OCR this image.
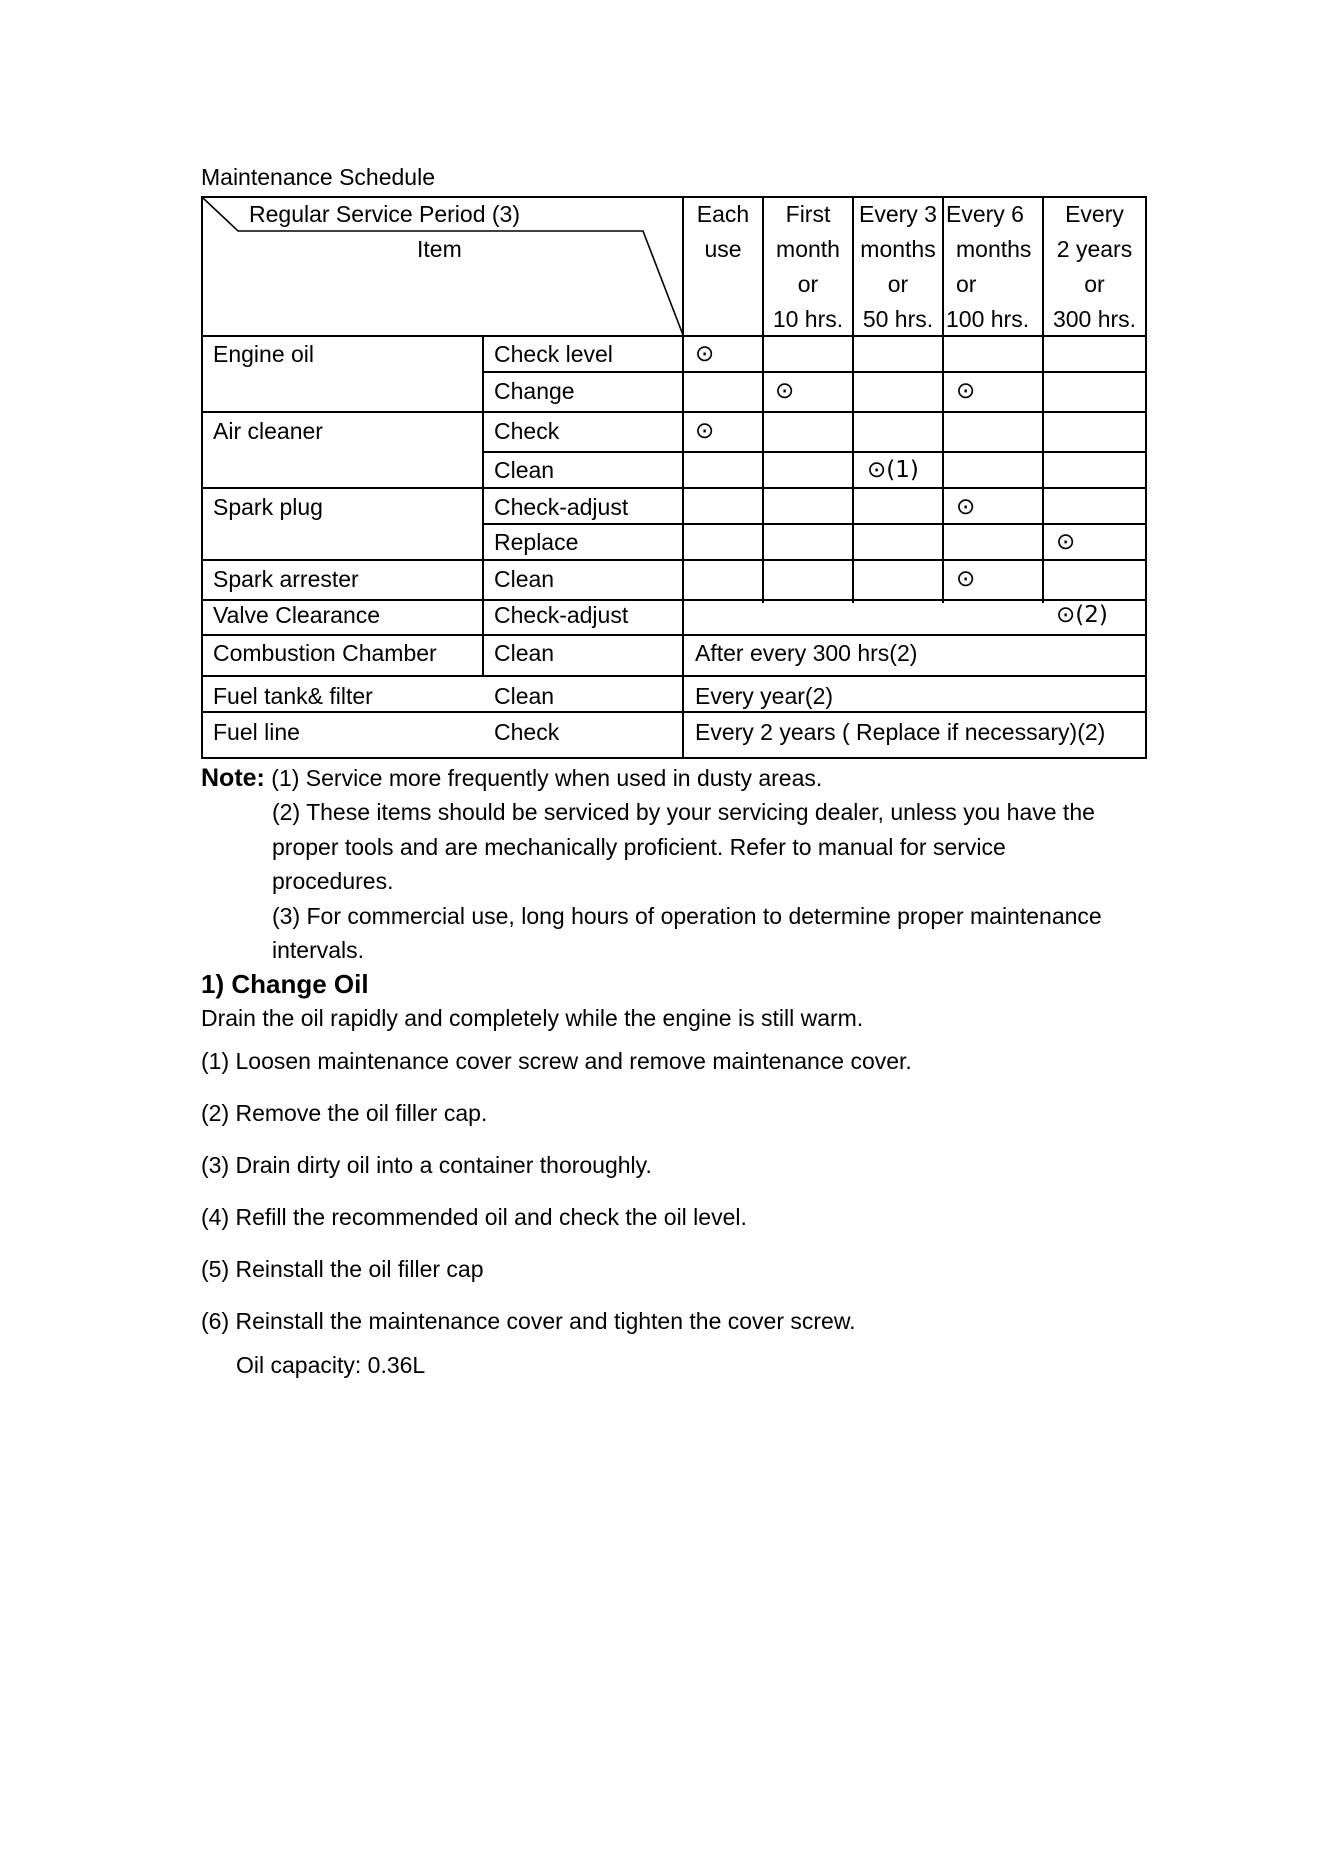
Maintenance Schedule
Regular Service Period (3)
Item
Each
use
First
month
or
10 hrs.
Every 3
months
or
50 hrs.
Every 6
months
or
100 hrs.
Every
2 years
or
300 hrs.
Engine oil
Air cleaner
Spark plug
Spark arrester
Valve Clearance
Combustion Chamber
Fuel tank& filter
Fuel line
Check level
Change
Check
Clean
Check-adjust
Replace
Clean
Check-adjust
Clean
Clean
Check
⊙
⊙	⊙
⊙
⊙(1)
⊙
⊙
⊙
⊙(2)
After every 300 hrs(2)
Every year(2)
Every 2 years ( Replace if necessary)(2)
Note: (1) Service more frequently when used in dusty areas.
(2) These items should be serviced by your servicing dealer, unless you have the
proper tools and are mechanically proficient. Refer to manual for service
procedures.
(3) For commercial use, long hours of operation to determine proper maintenance
intervals.
1) Change Oil
Drain the oil rapidly and completely while the engine is still warm.
(1) Loosen maintenance cover screw and remove maintenance cover.
(2) Remove the oil filler cap.
(3) Drain dirty oil into a container thoroughly.
(4) Refill the recommended oil and check the oil level.
(5) Reinstall the oil filler cap
(6) Reinstall the maintenance cover and tighten the cover screw.
Oil capacity: 0.36L
